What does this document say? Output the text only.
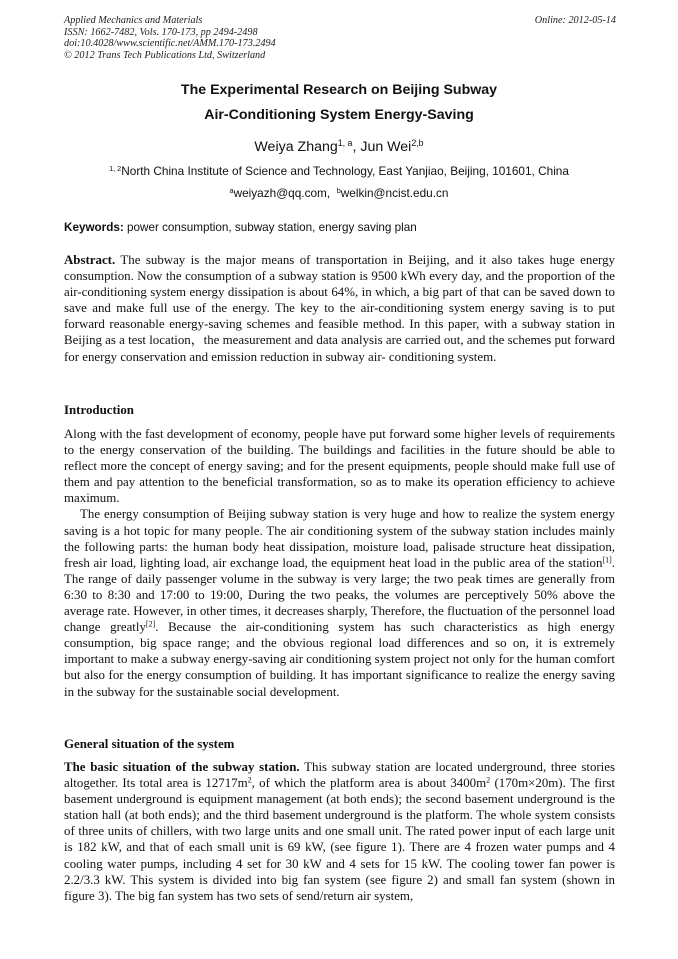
Applied Mechanics and Materials
ISSN: 1662-7482, Vols. 170-173, pp 2494-2498
doi:10.4028/www.scientific.net/AMM.170-173.2494
© 2012 Trans Tech Publications Ltd, Switzerland
Online: 2012-05-14
The Experimental Research on Beijing Subway
Air-Conditioning System Energy-Saving
Weiya Zhang$^{1, a}$, Jun Wei$^{2,b}$
$^{1, 2}$North China Institute of Science and Technology, East Yanjiao, Beijing, 101601, China
$^a$weiyazh@qq.com, $^b$welkin@ncist.edu.cn
Keywords: power consumption, subway station, energy saving plan

Abstract. The subway is the major means of transportation in Beijing, and it also takes huge energy consumption. Now the consumption of a subway station is 9500 kWh every day, and the proportion of the air-conditioning system energy dissipation is about 64%, in which, a big part of that can be saved down to save and make full use of the energy. The key to the air-conditioning system energy saving is to put forward reasonable energy-saving schemes and feasible method. In this paper, with a subway station in Beijing as a test location，the measurement and data analysis are carried out, and the schemes put forward for energy conservation and emission reduction in subway air- conditioning system.

Introduction

Along with the fast development of economy, people have put forward some higher levels of requirements to the energy conservation of the building. The buildings and facilities in the future should be able to reflect more the concept of energy saving; and for the present equipments, people should make full use of them and pay attention to the beneficial transformation, so as to make its operation efficiency to achieve maximum.

The energy consumption of Beijing subway station is very huge and how to realize the system energy saving is a hot topic for many people. The air conditioning system of the subway station includes mainly the following parts: the human body heat dissipation, moisture load, palisade structure heat dissipation, fresh air load, lighting load, air exchange load, the equipment heat load in the public area of the station[1]. The range of daily passenger volume in the subway is very large; the two peak times are generally from 6:30 to 8:30 and 17:00 to 19:00, During the two peaks, the volumes are perceptively 50% above the average rate. However, in other times, it decreases sharply, Therefore, the fluctuation of the personnel load change greatly[2]. Because the air-conditioning system has such characteristics as high energy consumption, big space range; and the obvious regional load differences and so on, it is extremely important to make a subway energy-saving air conditioning system project not only for the human comfort but also for the energy consumption of building. It has important significance to realize the energy saving in the subway for the sustainable social development.

General situation of the system

The basic situation of the subway station. This subway station are located underground, three stories altogether. Its total area is $12717m^2$, of which the platform area is about $3400m^2$ (170m×20m). The first basement underground is equipment management (at both ends); the second basement underground is the station hall (at both ends); and the third basement underground is the platform. The whole system consists of three units of chillers, with two large units and one small unit. The rated power input of each large unit is 182 kW, and that of each small unit is 69 kW, (see figure 1). There are 4 frozen water pumps and 4 cooling water pumps, including 4 set for 30 kW and 4 sets for 15 kW. The cooling tower fan power is 2.2/3.3 kW. This system is divided into big fan system (see figure 2) and small fan system (shown in figure 3). The big fan system has two sets of send/return air system,
